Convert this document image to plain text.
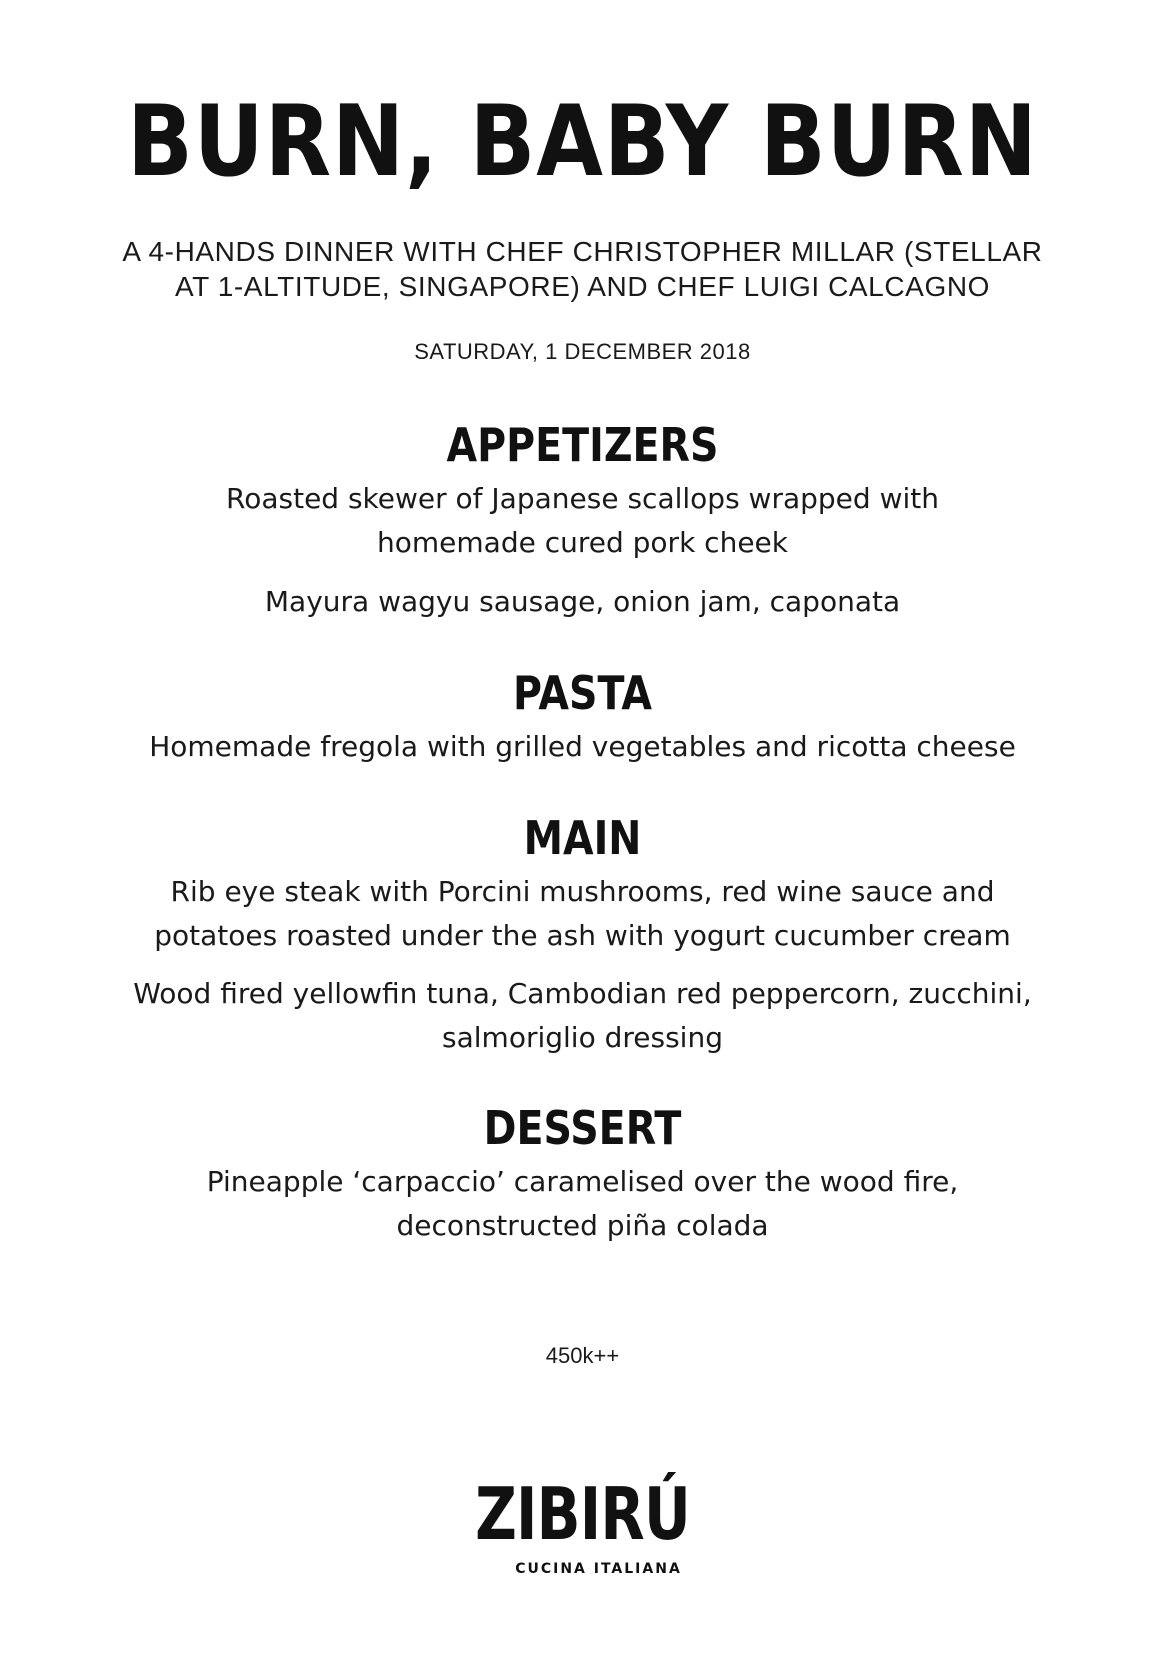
BURN, BABY BURN
A 4-HANDS DINNER WITH CHEF CHRISTOPHER MILLAR (STELLAR
AT 1-ALTITUDE, SINGAPORE) AND CHEF LUIGI CALCAGNO
SATURDAY, 1 DECEMBER 2018
APPETIZERS
Roasted skewer of Japanese scallops wrapped with
homemade cured pork cheek
Mayura wagyu sausage, onion jam, caponata
PASTA
Homemade fregola with grilled vegetables and ricotta cheese
MAIN
Rib eye steak with Porcini mushrooms, red wine sauce and
potatoes roasted under the ash with yogurt cucumber cream
Wood fired yellowfin tuna, Cambodian red peppercorn, zucchini,
salmoriglio dressing
DESSERT
Pineapple ‘carpaccio’ caramelised over the wood fire,
deconstructed piña colada
450k++
ZIBIRÚ
CUCINA ITALIANA
